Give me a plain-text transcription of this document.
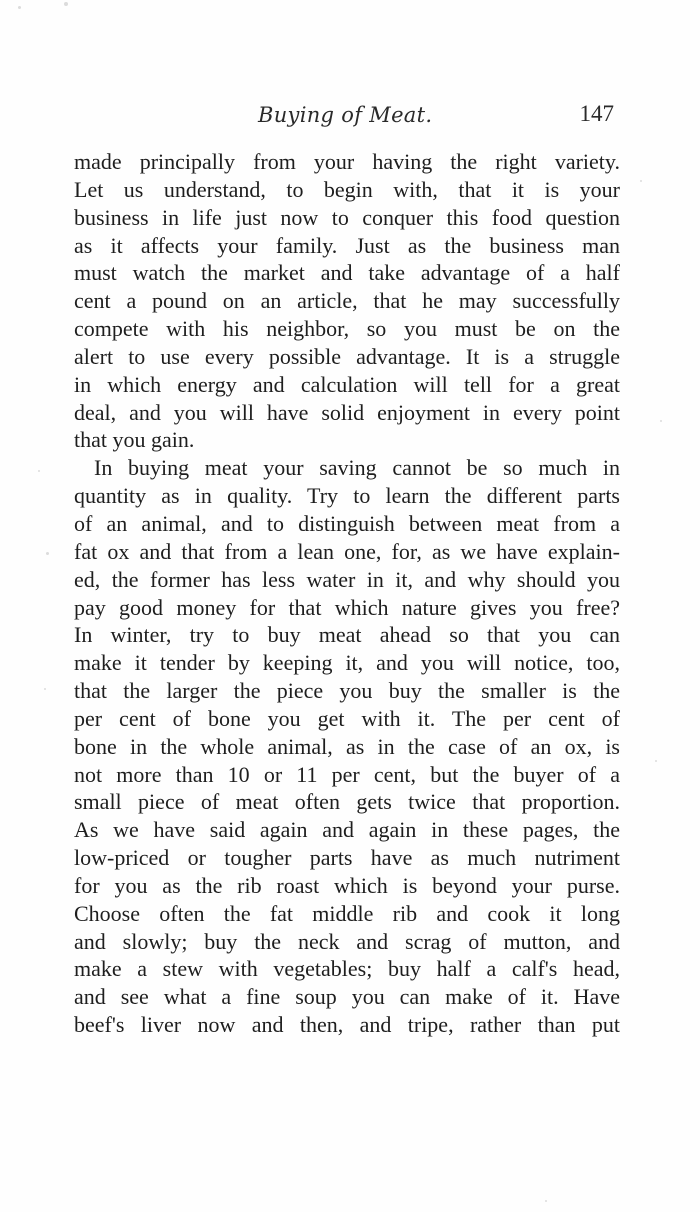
Buying of Meat.	147
made principally from your having the right variety.
Let us understand, to begin with, that it is your
business in life just now to conquer this food question
as it affects your family. Just as the business man
must watch the market and take advantage of a half
cent a pound on an article, that he may successfully
compete with his neighbor, so you must be on the
alert to use every possible advantage. It is a struggle
in which energy and calculation will tell for a great
deal, and you will have solid enjoyment in every point
that you gain.
In buying meat your saving cannot be so much in
quantity as in quality. Try to learn the different parts
of an animal, and to distinguish between meat from a
fat ox and that from a lean one, for, as we have explain-
ed, the former has less water in it, and why should you
pay good money for that which nature gives you free?
In winter, try to buy meat ahead so that you can
make it tender by keeping it, and you will notice, too,
that the larger the piece you buy the smaller is the
per cent of bone you get with it. The per cent of
bone in the whole animal, as in the case of an ox, is
not more than 10 or 11 per cent, but the buyer of a
small piece of meat often gets twice that proportion.
As we have said again and again in these pages, the
low-priced or tougher parts have as much nutriment
for you as the rib roast which is beyond your purse.
Choose often the fat middle rib and cook it long
and slowly; buy the neck and scrag of mutton, and
make a stew with vegetables; buy half a calf's head,
and see what a fine soup you can make of it. Have
beef's liver now and then, and tripe, rather than put
